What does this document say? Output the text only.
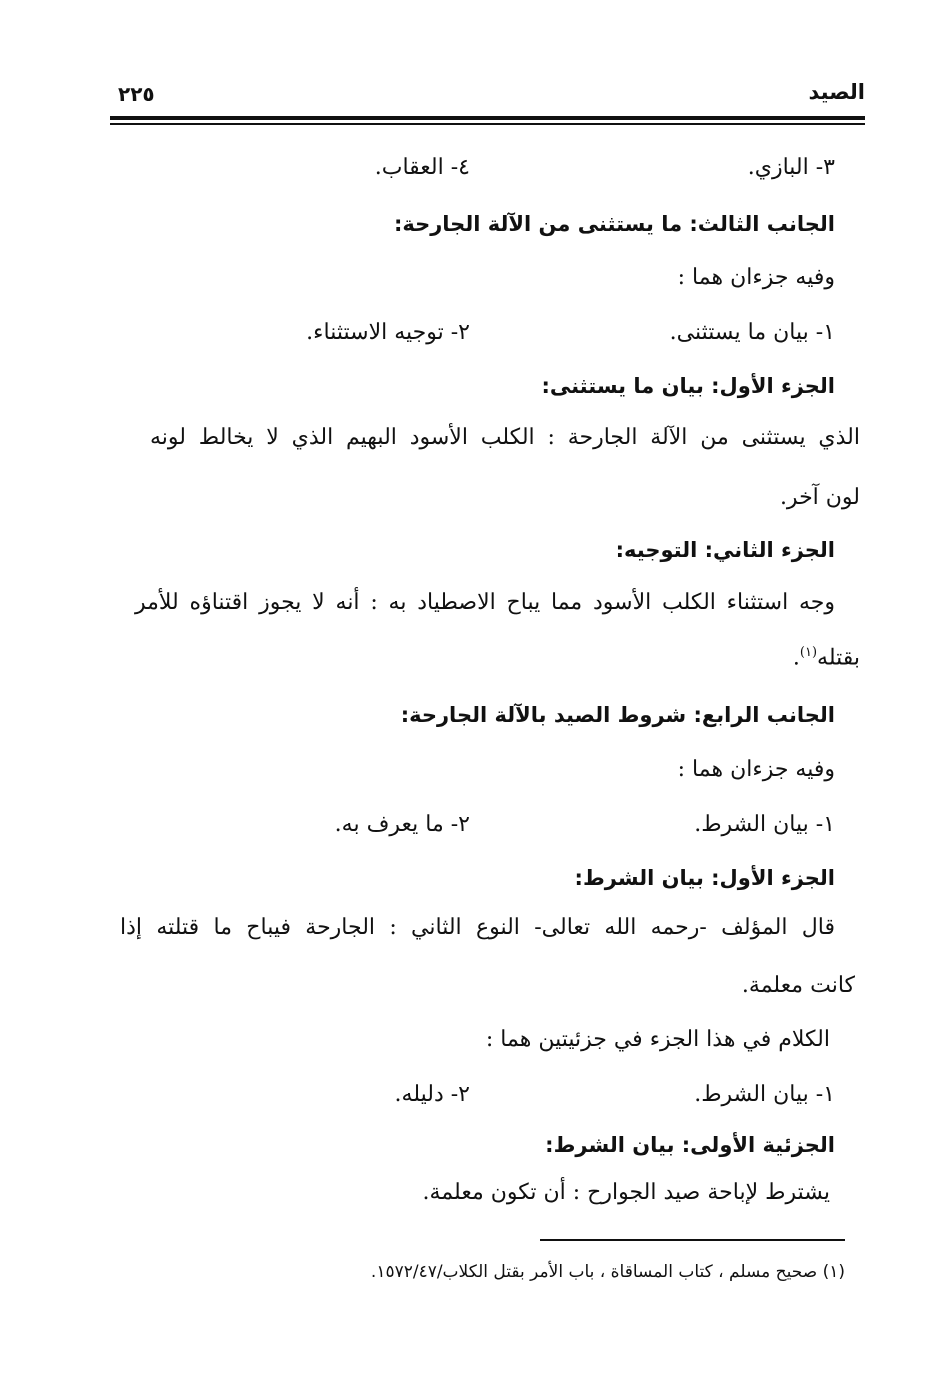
الصيد
٢٢٥
٣- البازي.
٤- العقاب.
الجانب الثالث: ما يستثنى من الآلة الجارحة:
وفيه جزءان هما :
١- بيان ما يستثنى.
٢- توجيه الاستثناء.
الجزء الأول: بيان ما يستثنى:
الذي يستثنى من الآلة الجارحة : الكلب الأسود البهيم الذي لا يخالط لونه
لون آخر.
الجزء الثاني: التوجيه:
وجه استثناء الكلب الأسود مما يباح الاصطياد به : أنه لا يجوز اقتناؤه للأمر
بقتله$^{(١)}$.
الجانب الرابع: شروط الصيد بالآلة الجارحة:
وفيه جزءان هما :
١- بيان الشرط.
٢- ما يعرف به.
الجزء الأول: بيان الشرط:
قال المؤلف -رحمه الله تعالى- النوع الثاني : الجارحة فيباح ما قتلته إذا
كانت معلمة.
الكلام في هذا الجزء في جزئيتين هما :
١- بيان الشرط.
٢- دليله.
الجزئية الأولى: بيان الشرط:
يشترط لإباحة صيد الجوارح : أن تكون معلمة.
(١) صحيح مسلم ، كتاب المساقاة ، باب الأمر بقتل الكلاب/١٥٧٢/٤٧.
